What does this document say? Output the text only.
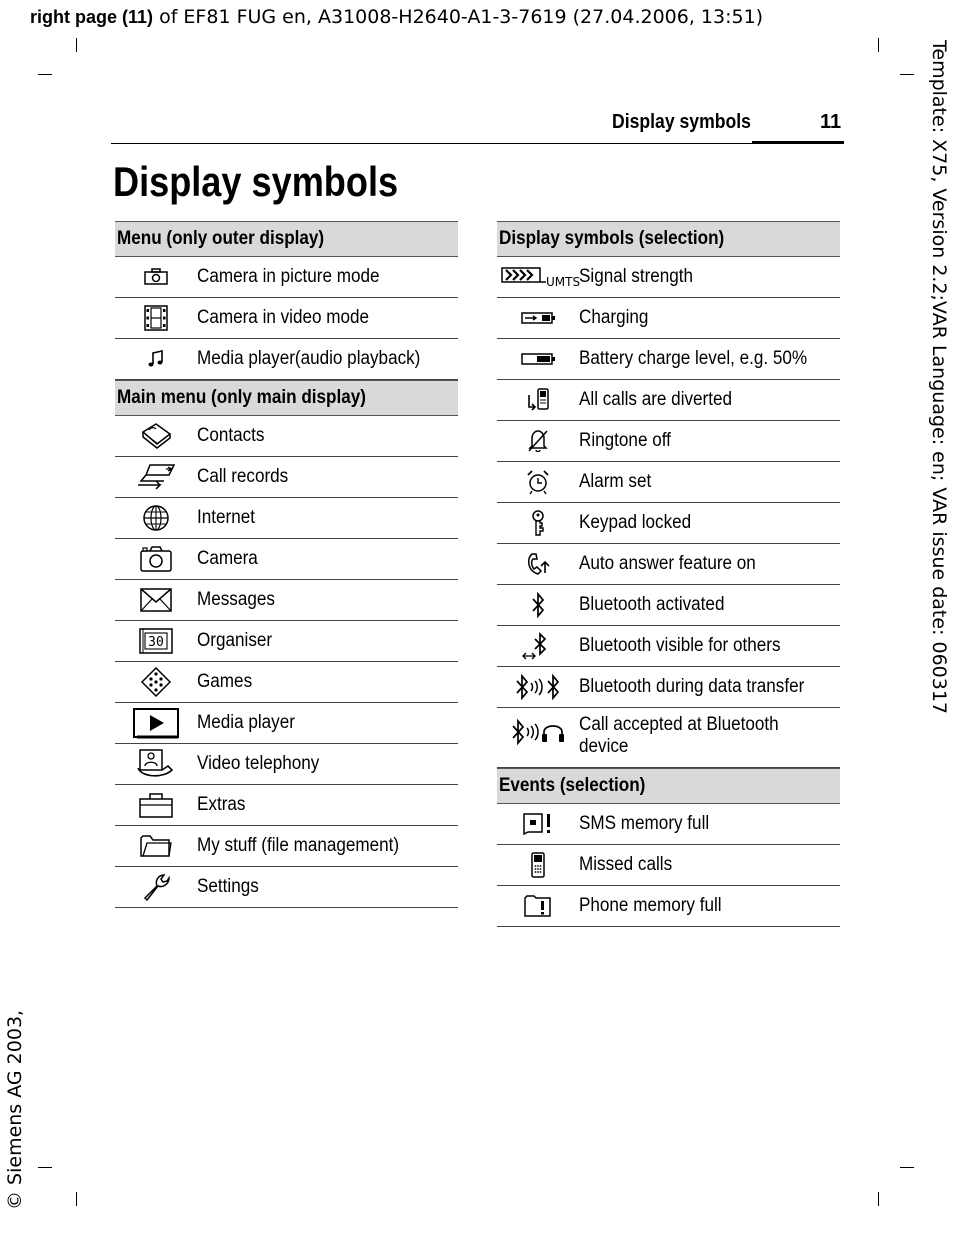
right page (11) of EF81 FUG en, A31008-H2640-A1-3-7619 (27.04.2006, 13:51)
Template: X75, Version 2.2;VAR Language: en; VAR issue date: 060317
© Siemens AG 2003,
Display symbols	11
Display symbols
Menu (only outer display)
Camera in picture mode
Camera in video mode
Media player(audio playback)
Main menu (only main display)
Contacts
Call records
Internet
Camera
Messages
30 Organiser
Games
Media player
Video telephony
Extras
My stuff (file management)
Settings
Display symbols (selection)
UMTS
Signal strength
Charging
Battery charge level, e.g. 50%
All calls are diverted
Ringtone off
Alarm set
Keypad locked
Auto answer feature on
Bluetooth activated
Bluetooth visible for others
Bluetooth during data transfer
Call accepted at Bluetooth device
Events (selection)
SMS memory full
Missed calls
Phone memory full
